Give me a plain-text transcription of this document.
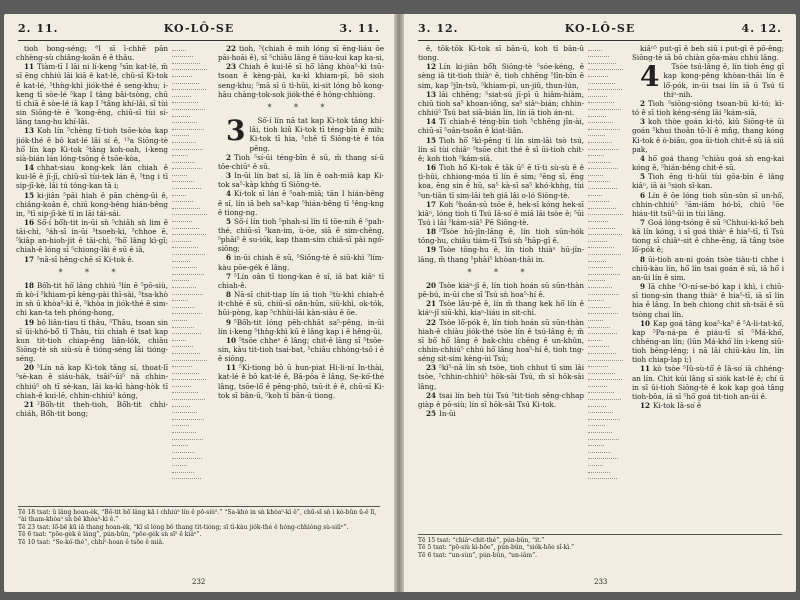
2. 11.	KO-LÔ-SE	3. 11.

tioh bong-séng; ⁸I sī ī-chhē pān chhèng-sù chiâng-koân ê ê thâu.

11 Tiàm-tī I lāi ni lí-keng ⁵sīn kat-lé, m̄ sī ēng chhiú lāi kiā ê kat-lé, chū-sī Ki-tok ê kat-lé, ⁵thǹg-khì jiók-thé ê seng-khu; i-keng tī sòe-lé ⁵kap I tâng bâi-tsòng, chū tī chiā ê sòe-lé iā kap I ⁵tâng khí-lâi, sī tùi sin Siōng-tè ê ⁷kong-êng, chiū-sī tùi sí-lâng tang-hu khí-lâi.

13 Koh lín ⁵chèng tī-tioh tsōe-kòa kap jiók-thé ê bô kat-lé lāi sí ê, ¹³a Siōng-tè hō͘ lín kap Ki-tok ⁵tâng koh-oah, i-keng sià-bián lán lóng-tsōng ê tsōe-kòa,

14 chhat-siau kong-kek lán chiah ê kui-lē ê jī-jī, chiū-sī tùi-tek lán ê, ⁵tng i tī sip-jī-kè, lāi tú tóng-kan tā i;

15 ki-jiân ⁵pāi hiah ê pān chèng-ūi ê, chiâng-koân ê, chiū kong-bêng hián-bêng in, ⁵tī sip-jī-kè tī in lāi tái-sái.

16 Sô͘-í bô͘h-tit in-ūi sǹ ⁵chiâh sǹ lim ê tāi-chì, ⁵a̍h-sī in-ūi ⁵tsoeh-ki, ⁵chhoe ē, ⁵kiāp an-hioh-jit ê tāi-chì, ⁵hō͘ lâng kì-gī; chiah-ê lóng sī ⁵chiong-lâi ê sū ê iā,

17 ⁵nā-sī hêng-chē sī Ki-tok ê.

* * *

18 Bô͘h-tit hō͘ lâng chhiú ⁵lín ê ⁵pō-siù, m̄ kò-í ⁵khiam-pī kèng-pài thī-sài, ⁵tsa-khò in sǹ ū khòa⁵-kì ê, ⁵khòa in jiók-thé ê sim-chi kan-ta teh phóng-hong,

19 bô liân-tiau tī thâu, ⁵Thâu, tsoan sin sī ūi-khó-bô͘ tī Thâu, tùi chiah ê tsat kap kun tit-tioh chiap-êng liân-lók, chiâu Siōng-tè sǹ siù-sù ê tióng-séng lāi tióng-séng.

20 ⁵Lín nā kap Ki-tok tâng sí, thoat-lī ⁵sè-kan ê siáu-hák, tsāi⁵-ūi⁵ nā chhin-chhiú⁵ oh tī sè-kan, lāi ka-kī hàng-hòk tī chiah-ê kui-lē, chhin-chhiú⁵ kóng,

21 ²Bô͘h-tit theh-tioh, Bô͘h-tit chhi-chiáh, Bô͘h-tit bong;

22 tioh, ⁵(chiah ê mih lóng sī ēng-liáu ōe pāi-hoāi ê), sī ⁵chiâu lâng ê tiàu-kui kap ka-si,

23 Chiah ê kui-lē sī hō͘ lâng khòa⁵-kì tsū-tsoan ê kèng-pài, ka-kì khiam-pī, bô sioh seng-khu; ⁵mā sī ū tì-hūi, ki-sit lóng bô kong-hāu chàng-tok-sok jiók-thé ê hóng-chhiòng.

* * *

3 Sô͘-í lín nā tat kap Ki-tok tâng khí-lâi, tioh kiû Ki-tok tī téng-bīn ê mih; Ki-tok tī hia, ⁵chē tī Siōng-tè ê tóa pêng.

2 Tioh ⁵sí-ūi téng-bīn ê sū, m̄ thang sí-ū tōe-chiūⁿ ê sū.

3 In-ūi lín bat sí, lâ lín ê oah-miā kap Ki-tok sa⁵-kàp khǹg tī Siōng-tè.

4 Ki-tok sī lán ê ⁵oah-miā; tān I hián-bêng ê sî, lín iā beh sa⁵-kap ⁵hián-bêng tī ⁵êng-kng ê tiong-ng.

5 Sô͘-í lín tioh ⁵phah-sí lín tī tōe-nih ê ⁵pah-thé, chiū-sī ⁵kan-im, ù-òe, siā ê sim-chêng, ⁵phāi⁵ ê su-iók, kap tham-sim chiâ-sī pài ngó͘-siōng;

6 in-ūi chiah ê sū, ⁵Siōng-tè ê siū-khì ⁷lím-kàu pōe-gék ê lâng.

7 ⁵Lín oân tī tiong-kan ê sî, iā bat kiâⁿ tī chiah-ê.

8 Nā-sī chit-tiap lín iā tioh ⁵tù-khì chiah-ê it-chhè ê sū, chiū-sī oân-hūn, siū-khì, ok-tók, hūi-pòng, kap ⁵chhùi-lāi kàn-siàu ê ōe.

9 ⁵Bô͘h-tit lóng pēh-chhāt sa⁵-pêng, in-ūi lín i-keng ⁵thǹg-khì kū ê lâng kap i ê hêng-ūi,

10 ⁵tsōe chheⁿ ê lâng; chit-ê lâng sī ⁵tsōe-sin, kàu tit-tioh tsai-bat, ⁵chiâu chhòng-tsō i ê ê siōng.

11 ⁵Ki-tiong bô ū hun-piat Hi-li-ní In-thài, kat-lé ê bô kat-lé ê, Bâ-pōa ê lâng, Se-kó͘-thé lâng, tsōe-lô͘ ê pêng-phō, tsū-it ê ê, chū-sī Ki-tok sī bān-ū, ⁵koh tī bān-ū tiong.

Tē 18 tsat: ū lâng hoan-èk, “Bô͘-tit hō͘ lâng kā i chhiú⁵ lín ê pō-siù⁵.” “Sa-khò in sǹ khòa⁵-kì ê”, chū-sī sǹ i kò-bûn ū-ê lī, “ài tham-khòa⁵ sǹ bē khòa⁵-kì ê.”
Tē 23 tsat: lō͘-bē kū iā thang hoan-èk, “kī sī lóng bô thang tit-tióng; sī tì-kàu jiók-thé ê hóng-chhiòng sù-siūⁿ”.
Tē 6 tsat: “pōe-gèk ê lâng”, pún-bûn, “pōe-gék sǹ sī⁵ ê kiáⁿ”.
Tē 10 tsat: “Se-kó͘-thé”, chhí⁵-hoan ê tsōe ê miâ.
232
3. 12.	KO-LÔ-SE	4. 12.

ê, tōk-tōk Ki-tok sī bān-ū, koh tī bān-ū tiong.

12 Lín ki-jiân bô͘h Siōng-tè ⁵sóe-kéng, ê sèng iā tit-tioh thiàⁿ ê, tioh chhēng ⁵lîn-bīn ê sim, kap ⁵jîn-tsû, ⁵khiam-pī, un-jiû, thun-lún,

13 lāi chhēng; ⁵siat-sú jī-pī ū hiâm-hiàm, chiū tioh sa⁵ khoan-iông, sa⁵ siâⁿ-bián; chhin-chhiú⁵ Tsú bat siā-bián lín, lín iā tioh án-ni.

14 Tī chiah-ê téng-bīn tioh ⁵chhēng jîn-ài, chiū-sī ⁵oân-tsoân ê kiat-liân.

15 Tioh hō͘ ⁵kì-pêng tī lín sim-lāi tsò tsú, lín sī tùi chiâⁿ ⁵tsōe chit thé ê sī ūi-tioh chit-ê; koh tioh ⁵kám-siā.

16 Tioh hō͘ Ki-tok ê tāk ū⁵ ē tī-ti sù-sù ê ê ṭì-hūi, chhiong-móa tī lín ê sim; ⁵ēng sī, ēng koa, ēng sin ê hū, sa⁵ kà-sī sa⁵ khó-khǹg, tùi ⁵un-tiān tī sim-lāi teh giâ lâi o-ló Siōng-tè.

17 Koh ⁵hoân-sū tsōe ê, hek-sī kóng hek-sī kiâⁿ, lóng tioh tī Tsú Iâ-so͘ ê miâ lāi tsòe ê; ⁵ūi Tsú i lāi ⁵kám-siā⁵ Pē Siōng-tè.

18 ⁵Tsòe hū-jîn-lâng ê, lín tioh sūn-hók tōng-hu, chiâu tiám-tī Tsú sǹ ⁵hāp-gî ê.

19 Tsòe tōng-hu ê, lín tioh thiàⁿ hū-jîn-lâng, m̄ thang ⁵phài⁵ khòan-thāi in.

* * *

20 Tsòe kiáⁿ-jî ê, lín tioh hoán sū sūn-thàn pē-bú, in-ūi che sī Tsú sǹ hoa⁵-hí ê.

21 Tsòe lāu-pē ê, lín m̄ thang kek hō͘ lín ê kiáⁿ-jî siū-khì, kiaⁿ-liáu in sit-chì.

22 Tsòe lô͘-pók ê, lín tioh hoán sū sūn-thàn hiah-ê chiàu jiók-thé tsòe lín ê tsú-lâng ê; m̄ sī bô͘ hō͘ lâng ê bak-chiu chēng ê un-khûn, chhin-chhiú⁵ chhú hō͘ lâng hoa⁵-hí ê, tioh tng-séng sit-sim kèng-ùi Tsú;

23 ⁵kì⁵-nā lín sǹ tsòe, tioh chhut tī sim lāi tsòe, ⁵chhin-chhiú⁵ hōk-sāi Tsú, m̄ sī hōk-sāi lâng,

24 tsai lín beh tùi Tsú ⁵tit-tioh sêng-chhap giàp ê pō-siù; lín sī hōk-sāi Tsú Ki-tok.

25 In-ūi

kiâⁿ⁵ put-gī ê beh siū i put-gī ê pō-êng; Siōng-tè iā bô chiàn gōa-màu chhú lâng.

4 Tsòe tsú-lâng ê, lín tioh ēng gī kap kong-pêng khòan-thāi lín ê lô͘-pók, in-ūi tsai lín iā ū Tsú tī thiⁿ-nih.

2 Tioh ⁵siōng-siōng tsoan-bū kì-tó; kì-tó ê sī tioh kéng-séng lāi ⁵kám-siā,

3 koh thòe goán kì-tó, kiû Siōng-tè ūi goán ⁵khui thoân tō-lí ê mn̂g, thang kóng Ki-tok ê ò-biāu, goa ūi-tioh chit-ê sū iā siū pak,

4 hō͘ goá thang ⁵chiàu goá sǹ eng-kai kóng ê, ⁵hián-bêng chit-ê sū.

5 Tioh ēng tì-hūi tùi gōa-bīn ê lâng kiâⁿ, iā ài ⁵sioh sî-kan.

6 Lín ê ōe lóng tioh sûn-sûn sī un-hô͘, chhin-chhiú⁵ ⁵ām-iâm hó-bī, chiū ⁵ōe hiáu-tit tsū⁵-ūi in tùi lâng.

7 Goá lóng-tsóng ê sū ⁵Chhui-ki-kó͘ beh kā lín kóng, i sī goá thiàⁿ ê hia⁵-tī, tī Tsú tiong sī chiâⁿ-sit ê chhe-ēng, iā tâng tsòe lô͘-pók ê;

8 ūi-tioh an-ni goán tsòe tiàu-ti chhe i chiū-kàu lín, hō͘ lín tsai goán ê sū, iā hō͘ i an-ūi lín ê sim.

9 Iā chhe ⁵O-ní-se-bó kap i khì, i chiū-sī tiong-sìn thang thiàⁿ ê hia⁵-tī, iā sī lín hia ê lâng. In beh chiong chit sǹ-tsāi ê sū tsòng chai lín.

10 Kap goá tâng koa⁵-ka⁵ ê ⁵A-li-tat-kó͘, kap ⁵Pa-ná-pa ê piáu-tī sī ⁵Má-khó͘, chhéng-an lín; (lūn Má-khó͘ lín i-keng siū-tioh bēng-léng; i nā lâi chiū-kàu lín, lín tioh chiap-lap i;)

11 kò tsòe ⁵Iû-sù-tō͘ ê Iâ-so͘ iā chhéng-an lín. Chit kúi lâng sī siók kat-lé ê; chí ū in sī ūi-tioh Siōng-tè ê kok kap goá tâng tioh-bôa, iā sī ⁵hō͘ goá tit-tioh an-ūi ê.

12 Ki-tok Iâ-so͘ ê

Tē 15 tsat: “chiâⁿ-chit-thé”, pún-bûn, “it.”
Tē 5 tsat: “pō-siù kì-hōe”, pún-bûn, “siók-hōe sî-kì.”
Tē 6 tsat: “un-sùn”, pún-bûn, “un-iâm”.
233
